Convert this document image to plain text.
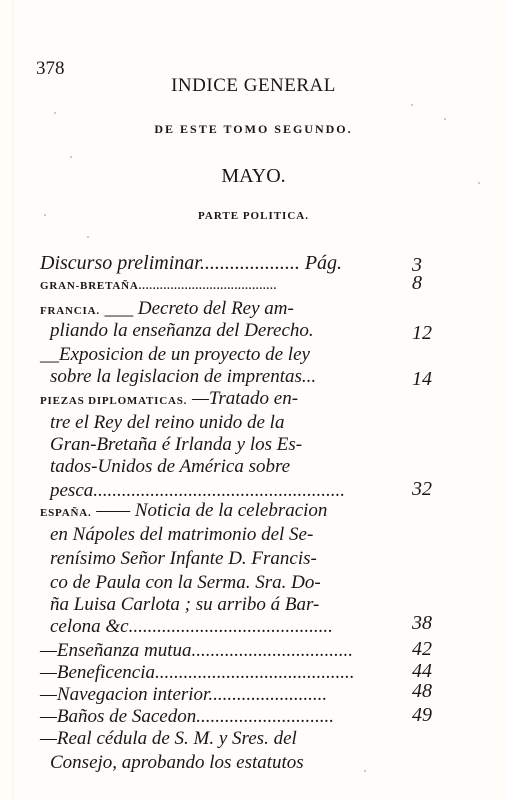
378
INDICE GENERAL
DE ESTE TOMO SEGUNDO.
MAYO.
PARTE POLITICA.
Discurso preliminar.................... Pág.	3
GRAN-BRETAÑA.......................................	8
FRANCIA. ___ Decreto del Rey am-
pliando la enseñanza del Derecho.	12
__Exposicion de un proyecto de ley
sobre la legislacion de imprentas...	14
PIEZAS DIPLOMATICAS. —Tratado en-
tre el Rey del reino unido de la
Gran-Bretaña é Irlanda y los Es-
tados-Unidos de América sobre
pesca.....................................................	32
ESPAÑA. —— Noticia de la celebracion
en Nápoles del matrimonio del Se-
renísimo Señor Infante D. Francis-
co de Paula con la Serma. Sra. Do-
ña Luisa Carlota ; su arribo á Bar-
celona &c...........................................	38
—Enseñanza mutua..................................	42
—Beneficencia..........................................	44
—Navegacion interior.........................	48
—Baños de Sacedon.............................	49
—Real cédula de S. M. y Sres. del
Consejo, aprobando los estatutos
